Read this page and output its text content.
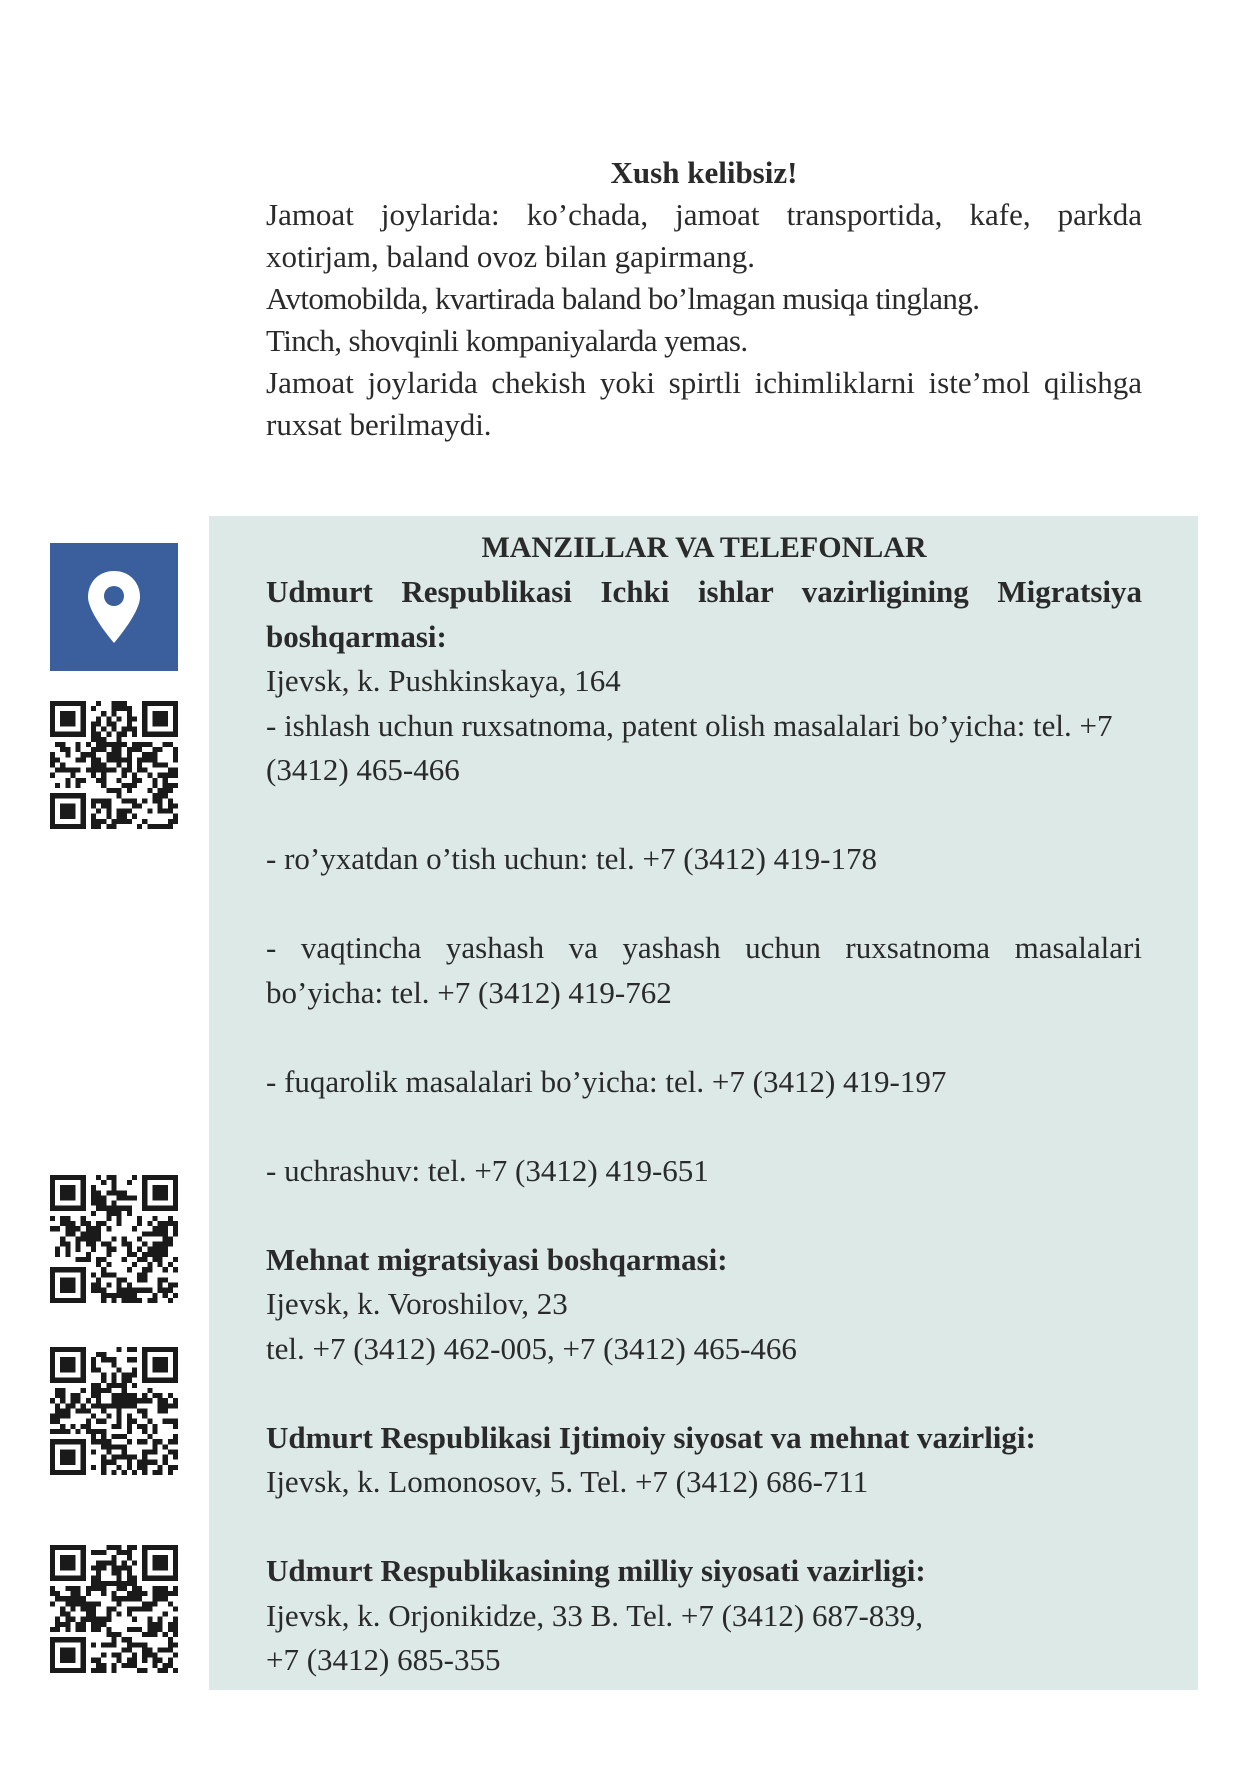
Xush kelibsiz!

Jamoat joylarida: ko’chada, jamoat transportida, kafe, parkda xotirjam, baland ovoz bilan gapirmang.

Avtomobilda, kvartirada baland bo’lmagan musiqa tinglang.

Tinch, shovqinli kompaniyalarda yemas.

Jamoat joylarida chekish yoki spirtli ichimliklarni iste’mol qilishga ruxsat berilmaydi.

MANZILLAR VA TELEFONLAR

Udmurt Respublikasi Ichki ishlar vazirligining Migratsiya boshqarmasi:

Ijevsk, k. Pushkinskaya, 164

- ishlash uchun ruxsatnoma, patent olish masalalari bo’yicha: tel. +7 (3412) 465-466

- ro’yxatdan o’tish uchun: tel. +7 (3412) 419-178

- vaqtincha yashash va yashash uchun ruxsatnoma masalalari bo’yicha: tel. +7 (3412) 419-762

- fuqarolik masalalari bo’yicha: tel. +7 (3412) 419-197

- uchrashuv: tel. +7 (3412) 419-651

Mehnat migratsiyasi boshqarmasi:

Ijevsk, k. Voroshilov, 23

tel. +7 (3412) 462-005, +7 (3412) 465-466

Udmurt Respublikasi Ijtimoiy siyosat va mehnat vazirligi:

Ijevsk, k. Lomonosov, 5. Tel. +7 (3412) 686-711

Udmurt Respublikasining milliy siyosati vazirligi:

Ijevsk, k. Orjonikidze, 33 B. Tel. +7 (3412) 687-839,

+7 (3412) 685-355
